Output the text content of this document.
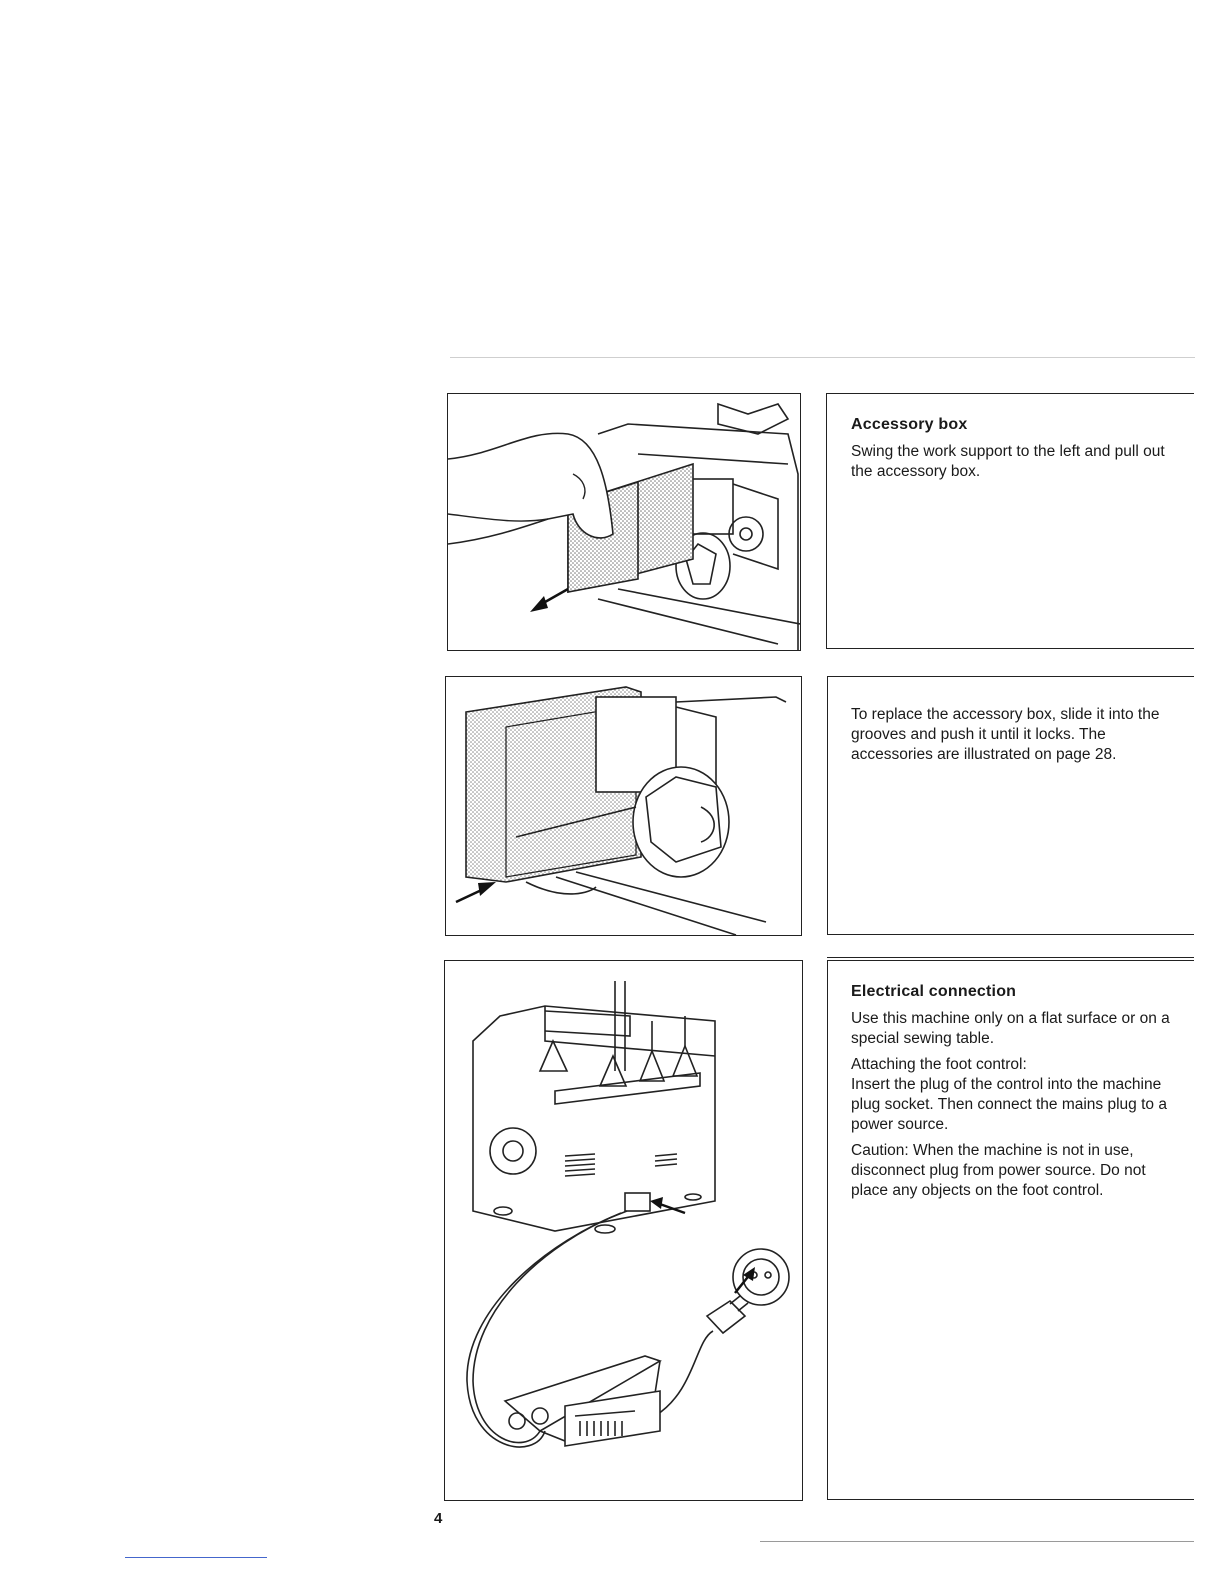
Accessory box

Swing the work support to the left and pull out the accessory box.

To replace the accessory box, slide it into the grooves and push it until it locks. The accessories are illustrated on page 28.

Electrical connection

Use this machine only on a flat surface or on a special sewing table.

Attaching the foot control:

Insert the plug of the control into the machine plug socket. Then connect the mains plug to a power source.

Caution: When the machine is not in use, disconnect plug from power source. Do not place any objects on the foot control.

4
